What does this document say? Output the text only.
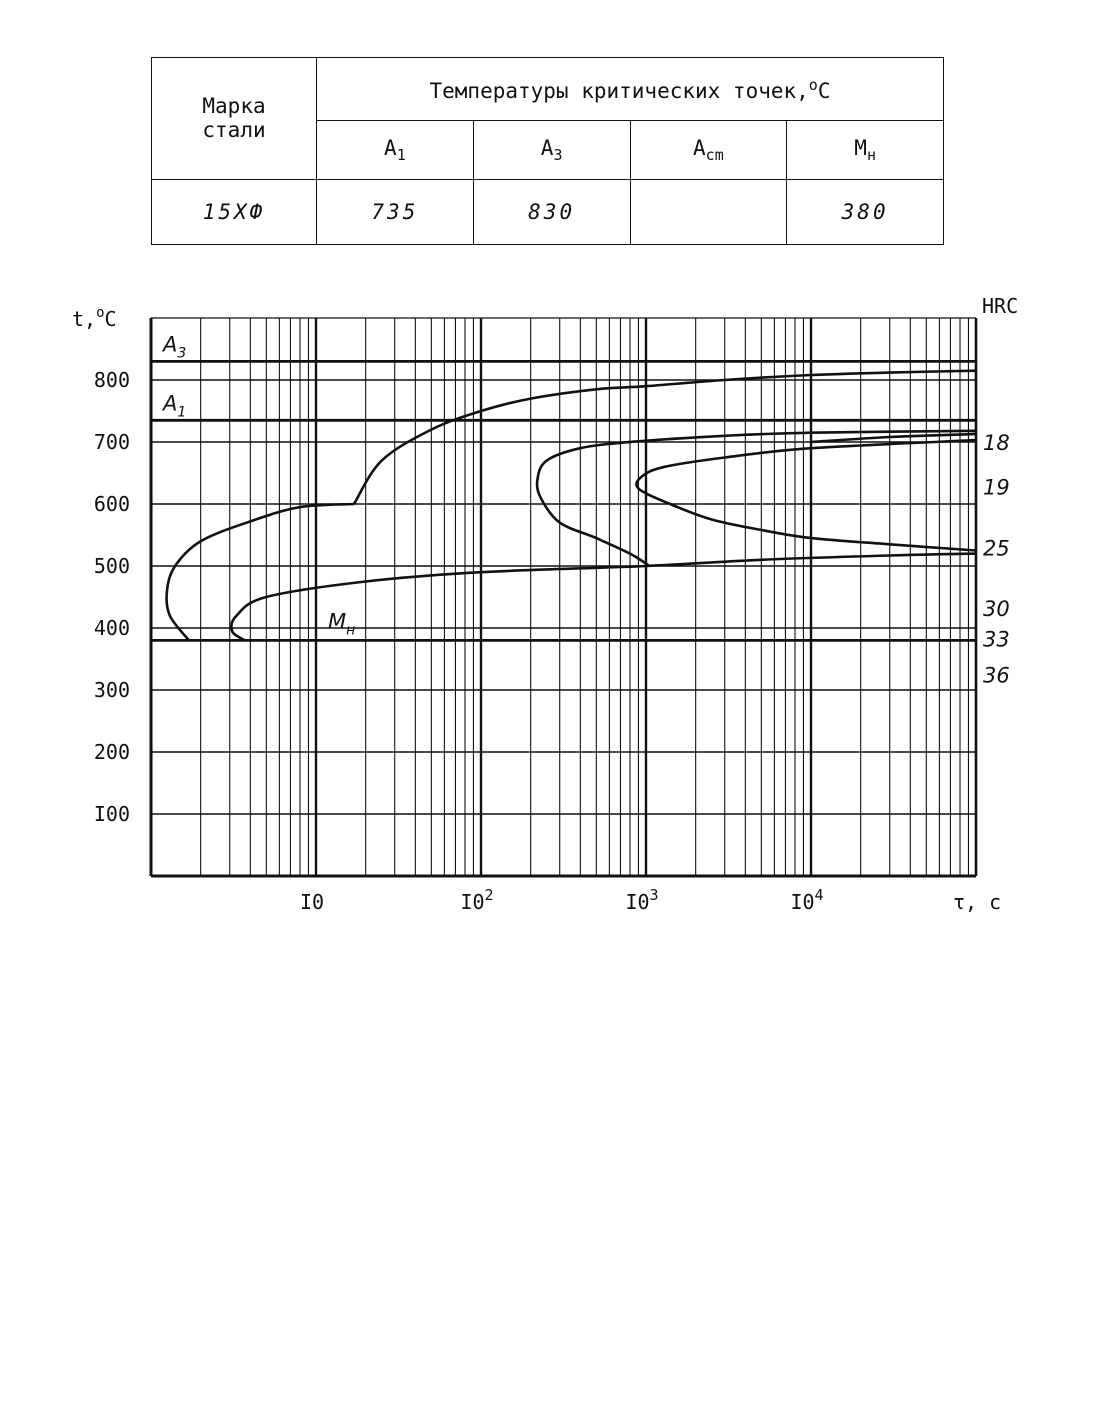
Марка
стали	Температуры критических точек,$^o$C			
	$A_1$	$A_3$	$A_{cm}$	$M_н$
15ХФ	735	830		380
I00
200
300
400
500
600
700
800
I0	$I0^2$	$I0^3$	$I0^4$
$A_3$
$A_1$
$M_н$
18
19
25
30
33
36
t,$^o$C
HRC
τ, с
